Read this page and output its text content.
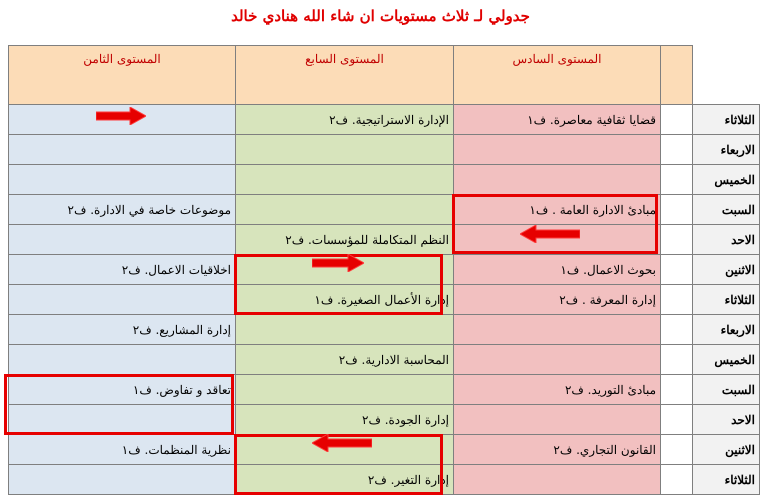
جدولي لـ ثلاث مستويات ان شاء الله هنادي خالد
المستوى الثامن	المستوى السابع	المستوى السادس		
	الإدارة الاستراتيجية. ف٢	قضايا ثقافية معاصرة. ف١		الثلاثاء
				الاربعاء
				الخميس
موضوعات خاصة في الادارة. ف٢		مبادئ الادارة العامة . ف١		السبت
	النظم المتكاملة للمؤسسات. ف٢			الاحد
اخلاقيات الاعمال. ف٢		بحوث الاعمال. ف١		الاثنين
	إدارة الأعمال الصغيرة. ف١	إدارة المعرفة . ف٢		الثلاثاء
إدارة المشاريع. ف٢				الاربعاء
	المحاسبة الادارية. ف٢			الخميس
تعاقد و تفاوض. ف١		مبادئ التوريد. ف٢		السبت
	إدارة الجودة. ف٢			الاحد
نظرية المنظمات. ف١		القانون التجاري. ف٢		الاثنين
	إدارة التغير. ف٢			الثلاثاء
